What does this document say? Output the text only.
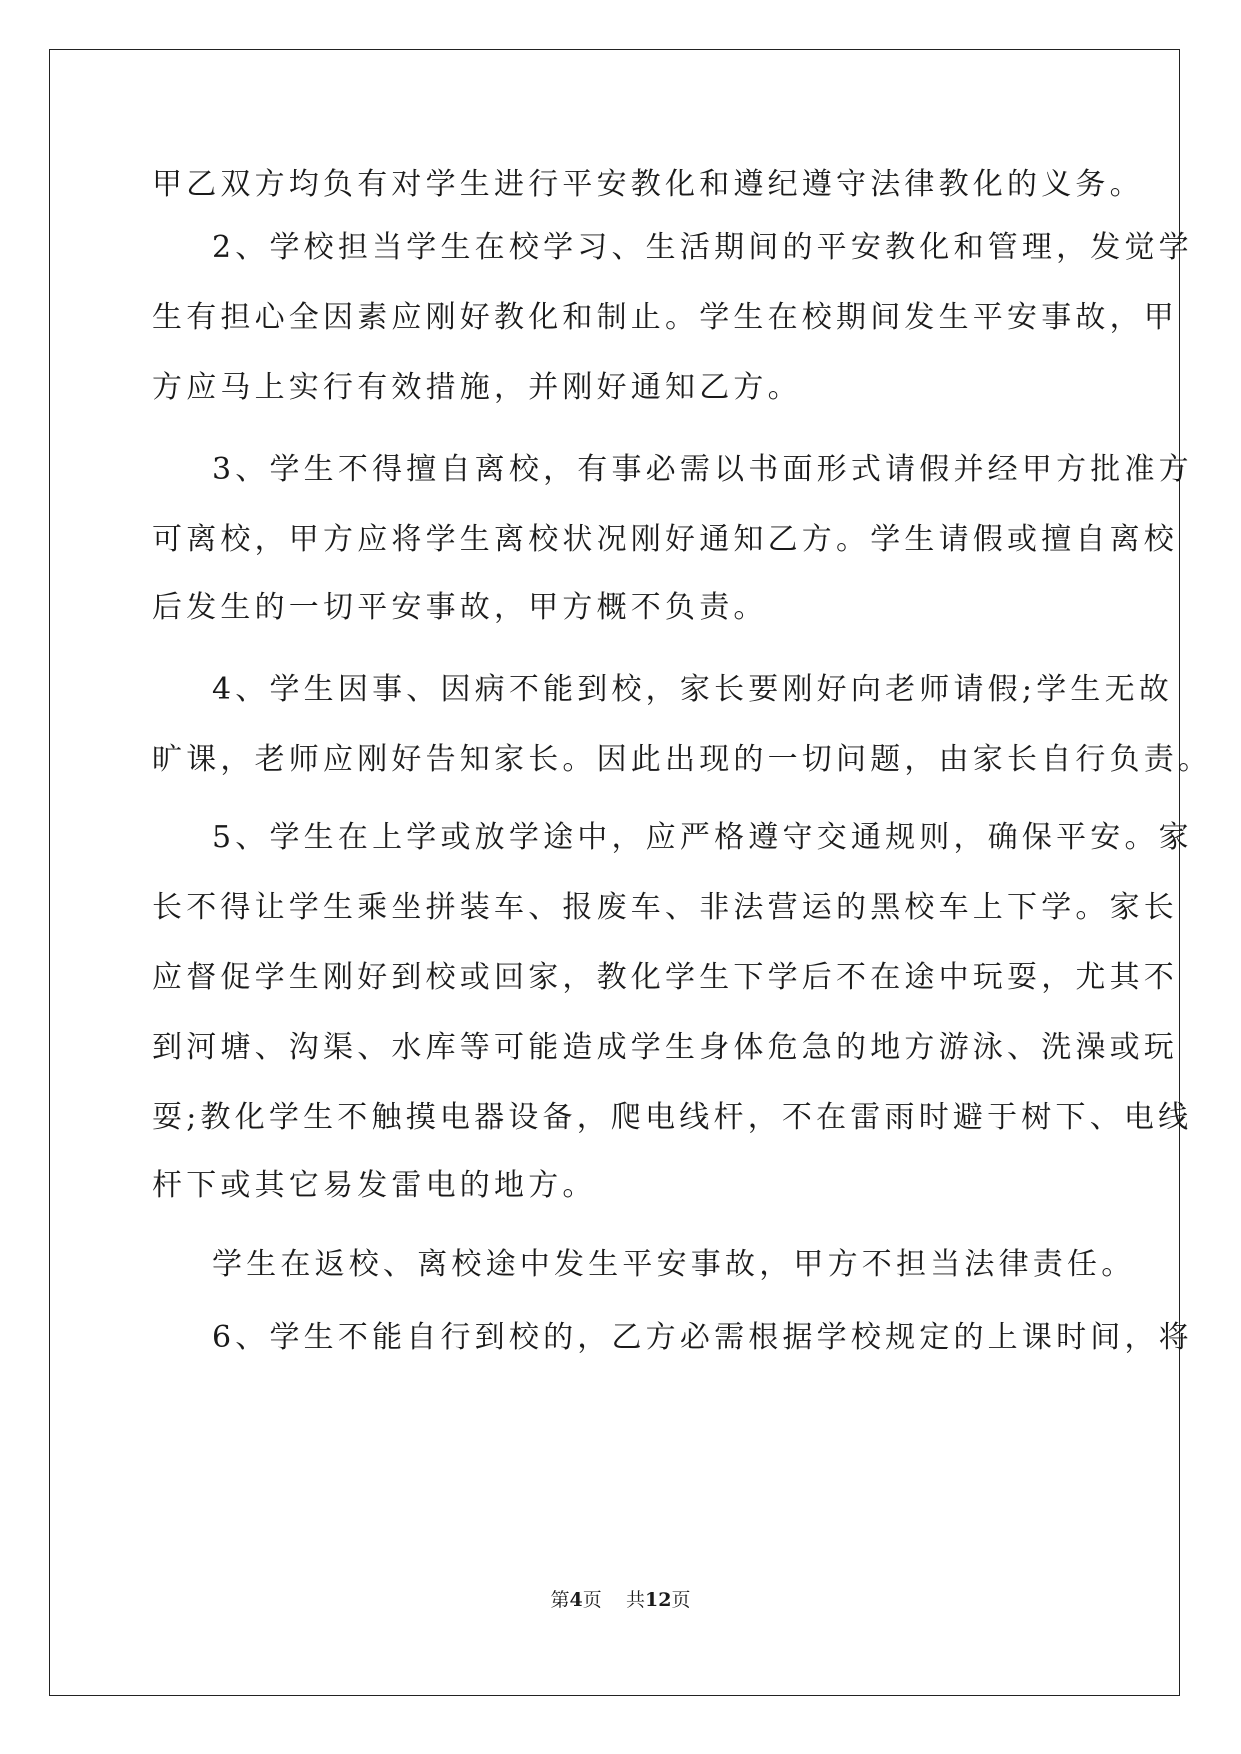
甲乙双方均负有对学生进行平安教化和遵纪遵守法律教化的义务。
2、学校担当学生在校学习、生活期间的平安教化和管理，发觉学
生有担心全因素应刚好教化和制止。学生在校期间发生平安事故，甲
方应马上实行有效措施，并刚好通知乙方。
3、学生不得擅自离校，有事必需以书面形式请假并经甲方批准方
可离校，甲方应将学生离校状况刚好通知乙方。学生请假或擅自离校
后发生的一切平安事故，甲方概不负责。
4、学生因事、因病不能到校，家长要刚好向老师请假;学生无故
旷课，老师应刚好告知家长。因此出现的一切问题，由家长自行负责。
5、学生在上学或放学途中，应严格遵守交通规则，确保平安。家
长不得让学生乘坐拼装车、报废车、非法营运的黑校车上下学。家长
应督促学生刚好到校或回家，教化学生下学后不在途中玩耍，尤其不
到河塘、沟渠、水库等可能造成学生身体危急的地方游泳、洗澡或玩
耍;教化学生不触摸电器设备，爬电线杆，不在雷雨时避于树下、电线
杆下或其它易发雷电的地方。
学生在返校、离校途中发生平安事故，甲方不担当法律责任。
6、学生不能自行到校的，乙方必需根据学校规定的上课时间，将
第4页 共12页
